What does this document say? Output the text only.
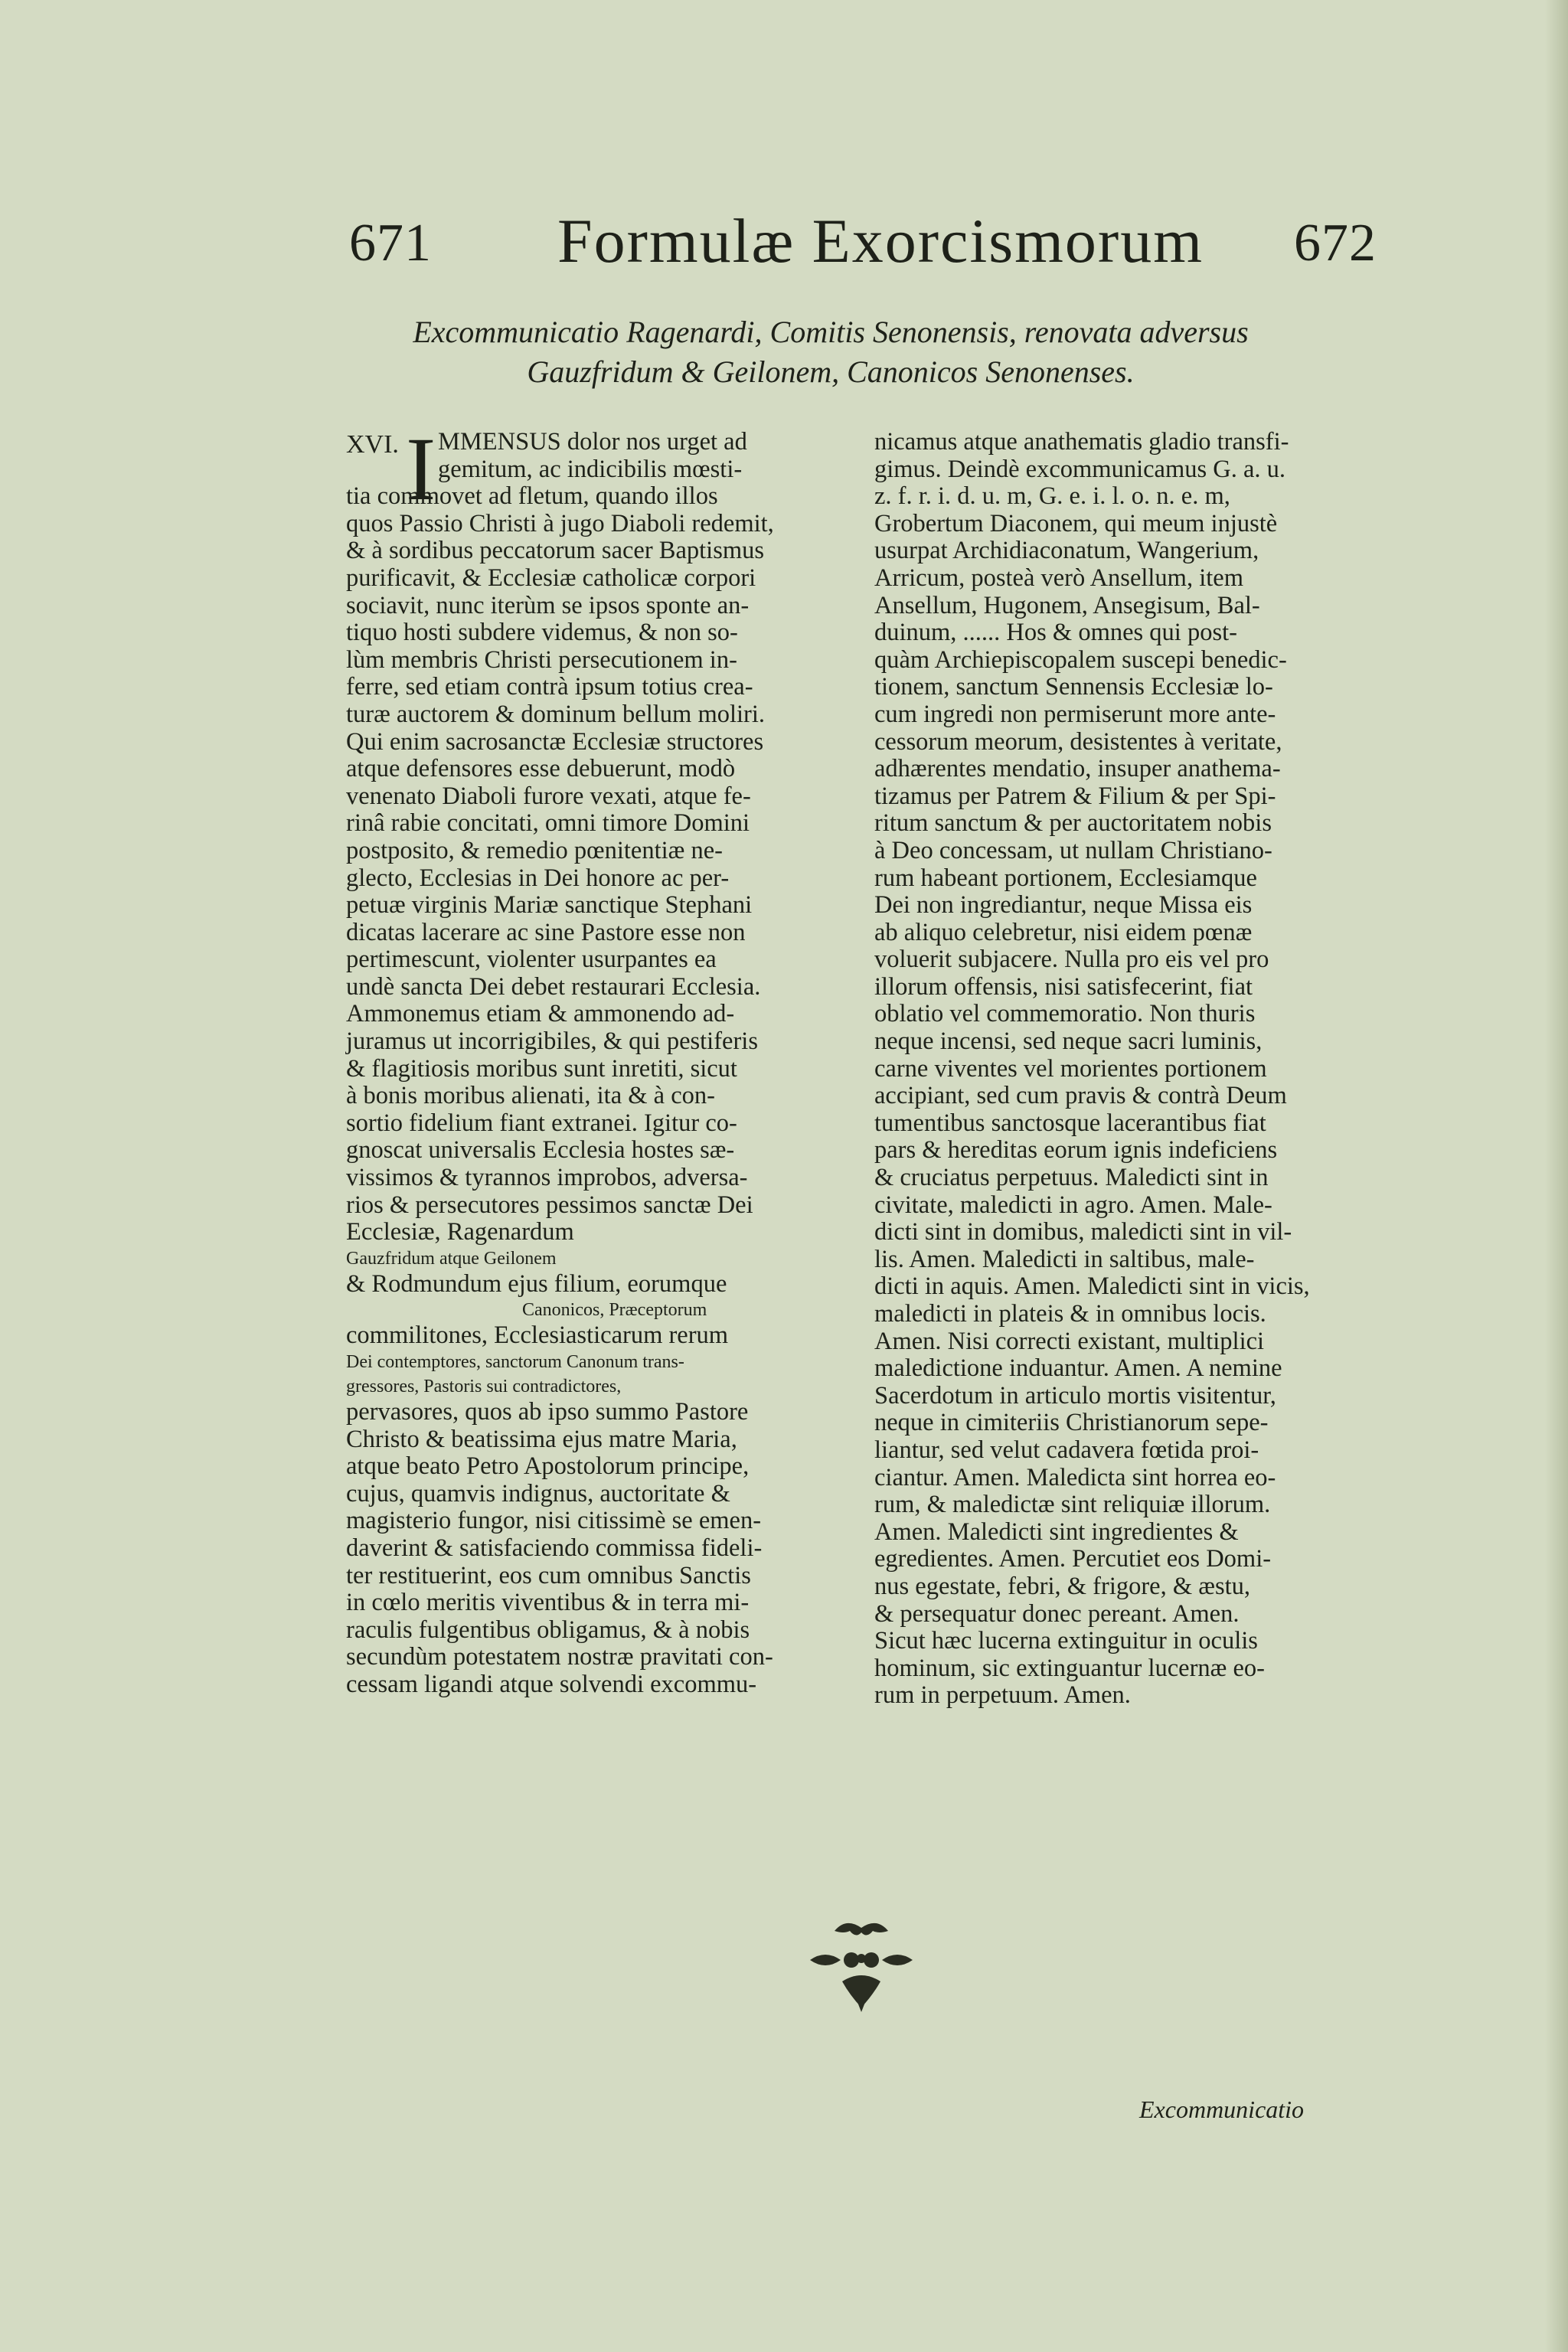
671	Formulæ Exorcismorum	672
Excommunicatio Ragenardi, Comitis Senonensis, renovata adversus
Gauzfridum & Geilonem, Canonicos Senonenses.
XVI. I MMENSUS dolor nos urget ad
gemitum, ac indicibilis mœsti-
tia commovet ad fletum, quando illos
quos Passio Christi à jugo Diaboli redemit,
& à sordibus peccatorum sacer Baptismus
purificavit, & Ecclesiæ catholicæ corpori
sociavit, nunc iterùm se ipsos sponte an-
tiquo hosti subdere videmus, & non so-
lùm membris Christi persecutionem in-
ferre, sed etiam contrà ipsum totius crea-
turæ auctorem & dominum bellum moliri.
Qui enim sacrosanctæ Ecclesiæ structores
atque defensores esse debuerunt, modò
venenato Diaboli furore vexati, atque fe-
rinâ rabie concitati, omni timore Domini
postposito, & remedio pœnitentiæ ne-
glecto, Ecclesias in Dei honore ac per-
petuæ virginis Mariæ sanctique Stephani
dicatas lacerare ac sine Pastore esse non
pertimescunt, violenter usurpantes ea
undè sancta Dei debet restaurari Ecclesia.
Ammonemus etiam & ammonendo ad-
juramus ut incorrigibiles, & qui pestiferis
& flagitiosis moribus sunt inretiti, sicut
à bonis moribus alienati, ita & à con-
sortio fidelium fiant extranei. Igitur co-
gnoscat universalis Ecclesia hostes sæ-
vissimos & tyrannos improbos, adversa-
rios & persecutores pessimos sanctæ Dei
Ecclesiæ, Ragenardum
Gauzfridum atque Geilonem
& Rodmundum ejus filium, eorumque
Canonicos, Præceptorum
commilitones, Ecclesiasticarum rerum
Dei contemptores, sanctorum Canonum trans-
gressores, Pastoris sui contradictores,
pervasores, quos ab ipso summo Pastore
Christo & beatissima ejus matre Maria,
atque beato Petro Apostolorum principe,
cujus, quamvis indignus, auctoritate &
magisterio fungor, nisi citissimè se emen-
daverint & satisfaciendo commissa fideli-
ter restituerint, eos cum omnibus Sanctis
in cœlo meritis viventibus & in terra mi-
raculis fulgentibus obligamus, & à nobis
secundùm potestatem nostræ pravitati con-
cessam ligandi atque solvendi excommu-
nicamus atque anathematis gladio transfi-
gimus. Deindè excommunicamus G. a. u.
z. f. r. i. d. u. m, G. e. i. l. o. n. e. m,
Grobertum Diaconem, qui meum injustè
usurpat Archidiaconatum, Wangerium,
Arricum, posteà verò Ansellum, item
Ansellum, Hugonem, Ansegisum, Bal-
duinum, ...... Hos & omnes qui post-
quàm Archiepiscopalem suscepi benedic-
tionem, sanctum Sennensis Ecclesiæ lo-
cum ingredi non permiserunt more ante-
cessorum meorum, desistentes à veritate,
adhærentes mendatio, insuper anathema-
tizamus per Patrem & Filium & per Spi-
ritum sanctum & per auctoritatem nobis
à Deo concessam, ut nullam Christiano-
rum habeant portionem, Ecclesiamque
Dei non ingrediantur, neque Missa eis
ab aliquo celebretur, nisi eidem pœnæ
voluerit subjacere. Nulla pro eis vel pro
illorum offensis, nisi satisfecerint, fiat
oblatio vel commemoratio. Non thuris
neque incensi, sed neque sacri luminis,
carne viventes vel morientes portionem
accipiant, sed cum pravis & contrà Deum
tumentibus sanctosque lacerantibus fiat
pars & hereditas eorum ignis indeficiens
& cruciatus perpetuus. Maledicti sint in
civitate, maledicti in agro. Amen. Male-
dicti sint in domibus, maledicti sint in vil-
lis. Amen. Maledicti in saltibus, male-
dicti in aquis. Amen. Maledicti sint in vicis,
maledicti in plateis & in omnibus locis.
Amen. Nisi correcti existant, multiplici
maledictione induantur. Amen. A nemine
Sacerdotum in articulo mortis visitentur,
neque in cimiteriis Christianorum sepe-
liantur, sed velut cadavera fœtida proi-
ciantur. Amen. Maledicta sint horrea eo-
rum, & maledictæ sint reliquiæ illorum.
Amen. Maledicti sint ingredientes &
egredientes. Amen. Percutiet eos Domi-
nus egestate, febri, & frigore, & æstu,
& persequatur donec pereant. Amen.
Sicut hæc lucerna extinguitur in oculis
hominum, sic extinguantur lucernæ eo-
rum in perpetuum. Amen.
Excommunicatio
